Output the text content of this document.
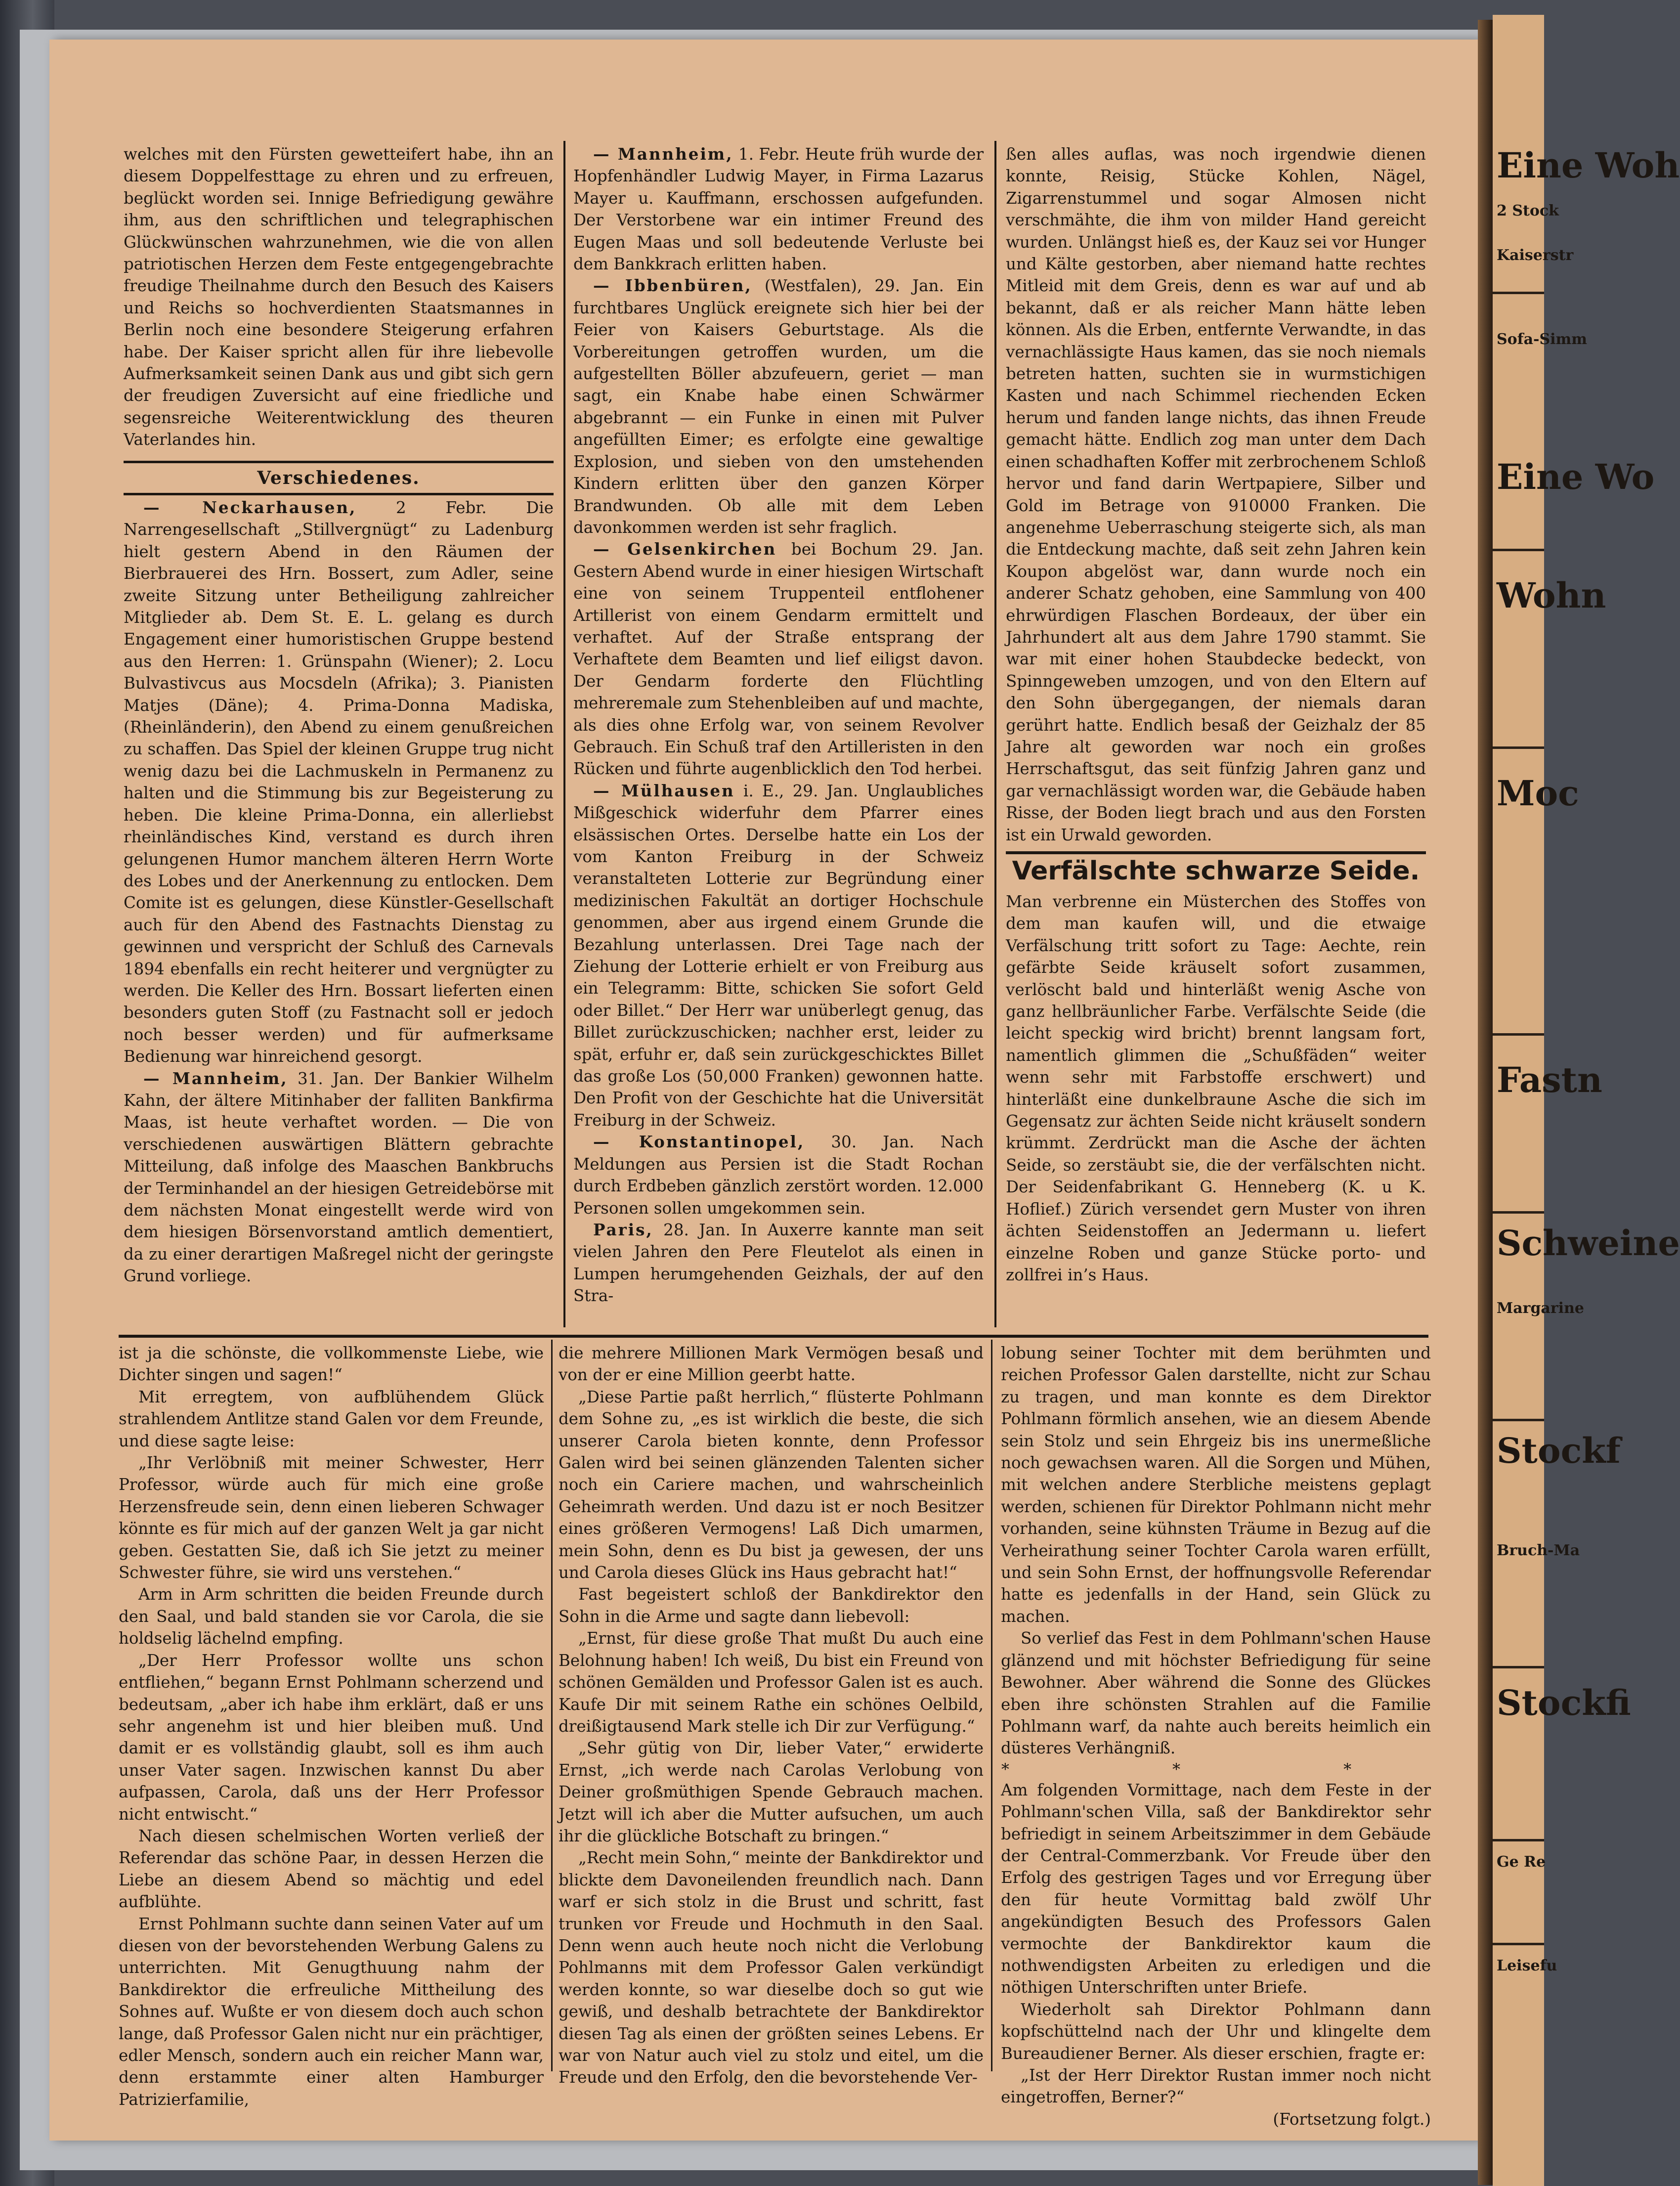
welches mit den Fürsten gewetteifert habe, ihn an diesem Doppelfesttage zu ehren und zu erfreuen, beglückt worden sei. Innige Befriedigung gewähre ihm, aus den schriftlichen und telegraphischen Glückwünschen wahrzunehmen, wie die von allen patriotischen Herzen dem Feste entgegengebrachte freudige Theilnahme durch den Besuch des Kaisers und Reichs so hochverdienten Staatsmannes in Berlin noch eine besondere Steigerung erfahren habe. Der Kaiser spricht allen für ihre liebevolle Aufmerksamkeit seinen Dank aus und gibt sich gern der freudigen Zuversicht auf eine friedliche und segensreiche Weiterentwicklung des theuren Vaterlandes hin.

Verschiedenes.

— Neckarhausen, 2 Febr. Die Narrengesellschaft „Stillvergnügt“ zu Ladenburg hielt gestern Abend in den Räumen der Bierbrauerei des Hrn. Bossert, zum Adler, seine zweite Sitzung unter Betheiligung zahlreicher Mitglieder ab. Dem St. E. L. gelang es durch Engagement einer humoristischen Gruppe bestend aus den Herren: 1. Grünspahn (Wiener); 2. Locu Bulvastivcus aus Mocsdeln (Afrika); 3. Pianisten Matjes (Däne); 4. Prima-Donna Madiska, (Rheinländerin), den Abend zu einem genußreichen zu schaffen. Das Spiel der kleinen Gruppe trug nicht wenig dazu bei die Lachmuskeln in Permanenz zu halten und die Stimmung bis zur Begeisterung zu heben. Die kleine Prima-Donna, ein allerliebst rheinländisches Kind, verstand es durch ihren gelungenen Humor manchem älteren Herrn Worte des Lobes und der Anerkennung zu entlocken. Dem Comite ist es gelungen, diese Künstler-Gesellschaft auch für den Abend des Fastnachts Dienstag zu gewinnen und verspricht der Schluß des Carnevals 1894 ebenfalls ein recht heiterer und vergnügter zu werden. Die Keller des Hrn. Bossart lieferten einen besonders guten Stoff (zu Fastnacht soll er jedoch noch besser werden) und für aufmerksame Bedienung war hinreichend gesorgt.

— Mannheim, 31. Jan. Der Bankier Wilhelm Kahn, der ältere Mitinhaber der falliten Bankfirma Maas, ist heute verhaftet worden. — Die von verschiedenen auswärtigen Blättern gebrachte Mitteilung, daß infolge des Maaschen Bankbruchs der Terminhandel an der hiesigen Getreidebörse mit dem nächsten Monat eingestellt werde wird von dem hiesigen Börsenvorstand amtlich dementiert, da zu einer derartigen Maßregel nicht der geringste Grund vorliege.

— Mannheim, 1. Febr. Heute früh wurde der Hopfenhändler Ludwig Mayer, in Firma Lazarus Mayer u. Kauffmann, erschossen aufgefunden. Der Verstorbene war ein intimer Freund des Eugen Maas und soll bedeutende Verluste bei dem Bankkrach erlitten haben.

— Ibbenbüren, (Westfalen), 29. Jan. Ein furchtbares Unglück ereignete sich hier bei der Feier von Kaisers Geburtstage. Als die Vorbereitungen getroffen wurden, um die aufgestellten Böller abzufeuern, geriet — man sagt, ein Knabe habe einen Schwärmer abgebrannt — ein Funke in einen mit Pulver angefüllten Eimer; es erfolgte eine gewaltige Explosion, und sieben von den umstehenden Kindern erlitten über den ganzen Körper Brandwunden. Ob alle mit dem Leben davonkommen werden ist sehr fraglich.

— Gelsenkirchen bei Bochum 29. Jan. Gestern Abend wurde in einer hiesigen Wirtschaft eine von seinem Truppenteil entflohener Artillerist von einem Gendarm ermittelt und verhaftet. Auf der Straße entsprang der Verhaftete dem Beamten und lief eiligst davon. Der Gendarm forderte den Flüchtling mehreremale zum Stehenbleiben auf und machte, als dies ohne Erfolg war, von seinem Revolver Gebrauch. Ein Schuß traf den Artilleristen in den Rücken und führte augenblicklich den Tod herbei.

— Mülhausen i. E., 29. Jan. Unglaubliches Mißgeschick widerfuhr dem Pfarrer eines elsässischen Ortes. Derselbe hatte ein Los der vom Kanton Freiburg in der Schweiz veranstalteten Lotterie zur Begründung einer medizinischen Fakultät an dortiger Hochschule genommen, aber aus irgend einem Grunde die Bezahlung unterlassen. Drei Tage nach der Ziehung der Lotterie erhielt er von Freiburg aus ein Telegramm: Bitte, schicken Sie sofort Geld oder Billet.“ Der Herr war unüberlegt genug, das Billet zurückzuschicken; nachher erst, leider zu spät, erfuhr er, daß sein zurückgeschicktes Billet das große Los (50,000 Franken) gewonnen hatte. Den Profit von der Geschichte hat die Universität Freiburg in der Schweiz.

— Konstantinopel, 30. Jan. Nach Meldungen aus Persien ist die Stadt Rochan durch Erdbeben gänzlich zerstört worden. 12.000 Personen sollen umgekommen sein.

Paris, 28. Jan. In Auxerre kannte man seit vielen Jahren den Pere Fleutelot als einen in Lumpen herumgehenden Geizhals, der auf den Stra-

ßen alles auflas, was noch irgendwie dienen konnte, Reisig, Stücke Kohlen, Nägel, Zigarrenstummel und sogar Almosen nicht verschmähte, die ihm von milder Hand gereicht wurden. Unlängst hieß es, der Kauz sei vor Hunger und Kälte gestorben, aber niemand hatte rechtes Mitleid mit dem Greis, denn es war auf und ab bekannt, daß er als reicher Mann hätte leben können. Als die Erben, entfernte Verwandte, in das vernachlässigte Haus kamen, das sie noch niemals betreten hatten, suchten sie in wurmstichigen Kasten und nach Schimmel riechenden Ecken herum und fanden lange nichts, das ihnen Freude gemacht hätte. Endlich zog man unter dem Dach einen schadhaften Koffer mit zerbrochenem Schloß hervor und fand darin Wertpapiere, Silber und Gold im Betrage von 910000 Franken. Die angenehme Ueberraschung steigerte sich, als man die Entdeckung machte, daß seit zehn Jahren kein Koupon abgelöst war, dann wurde noch ein anderer Schatz gehoben, eine Sammlung von 400 ehrwürdigen Flaschen Bordeaux, der über ein Jahrhundert alt aus dem Jahre 1790 stammt. Sie war mit einer hohen Staubdecke bedeckt, von Spinngeweben umzogen, und von den Eltern auf den Sohn übergegangen, der niemals daran gerührt hatte. Endlich besaß der Geizhalz der 85 Jahre alt geworden war noch ein großes Herrschaftsgut, das seit fünfzig Jahren ganz und gar vernachlässigt worden war, die Gebäude haben Risse, der Boden liegt brach und aus den Forsten ist ein Urwald geworden.

Verfälschte schwarze Seide.
Man verbrenne ein Müsterchen des Stoffes von dem man kaufen will, und die etwaige Verfälschung tritt sofort zu Tage: Aechte, rein gefärbte Seide kräuselt sofort zusammen, verlöscht bald und hinterläßt wenig Asche von ganz hellbräunlicher Farbe. Verfälschte Seide (die leicht speckig wird bricht) brennt langsam fort, namentlich glimmen die „Schußfäden“ weiter wenn sehr mit Farbstoffe erschwert) und hinterläßt eine dunkelbraune Asche die sich im Gegensatz zur ächten Seide nicht kräuselt sondern krümmt. Zerdrückt man die Asche der ächten Seide, so zerstäubt sie, die der verfälschten nicht. Der Seidenfabrikant G. Henneberg (K. u K. Hoflief.) Zürich versendet gern Muster von ihren ächten Seidenstoffen an Jedermann u. liefert einzelne Roben und ganze Stücke porto- und zollfrei in’s Haus.

ist ja die schönste, die vollkommenste Liebe, wie Dichter singen und sagen!“

Mit erregtem, von aufblühendem Glück strahlendem Antlitze stand Galen vor dem Freunde, und diese sagte leise:

„Ihr Verlöbniß mit meiner Schwester, Herr Professor, würde auch für mich eine große Herzensfreude sein, denn einen lieberen Schwager könnte es für mich auf der ganzen Welt ja gar nicht geben. Gestatten Sie, daß ich Sie jetzt zu meiner Schwester führe, sie wird uns verstehen.“

Arm in Arm schritten die beiden Freunde durch den Saal, und bald standen sie vor Carola, die sie holdselig lächelnd empfing.

„Der Herr Professor wollte uns schon entfliehen,“ begann Ernst Pohlmann scherzend und bedeutsam, „aber ich habe ihm erklärt, daß er uns sehr angenehm ist und hier bleiben muß. Und damit er es vollständig glaubt, soll es ihm auch unser Vater sagen. Inzwischen kannst Du aber aufpassen, Carola, daß uns der Herr Professor nicht entwischt.“

Nach diesen schelmischen Worten verließ der Referendar das schöne Paar, in dessen Herzen die Liebe an diesem Abend so mächtig und edel aufblühte.

Ernst Pohlmann suchte dann seinen Vater auf um diesen von der bevorstehenden Werbung Galens zu unterrichten. Mit Genugthuung nahm der Bankdirektor die erfreuliche Mittheilung des Sohnes auf. Wußte er von diesem doch auch schon lange, daß Professor Galen nicht nur ein prächtiger, edler Mensch, sondern auch ein reicher Mann war, denn erstammte einer alten Hamburger Patrizierfamilie,

die mehrere Millionen Mark Vermögen besaß und von der er eine Million geerbt hatte.

„Diese Partie paßt herrlich,“ flüsterte Pohlmann dem Sohne zu, „es ist wirklich die beste, die sich unserer Carola bieten konnte, denn Professor Galen wird bei seinen glänzenden Talenten sicher noch ein Cariere machen, und wahrscheinlich Geheimrath werden. Und dazu ist er noch Besitzer eines größeren Vermogens! Laß Dich umarmen, mein Sohn, denn es Du bist ja gewesen, der uns und Carola dieses Glück ins Haus gebracht hat!“

Fast begeistert schloß der Bankdirektor den Sohn in die Arme und sagte dann liebevoll:

„Ernst, für diese große That mußt Du auch eine Belohnung haben! Ich weiß, Du bist ein Freund von schönen Gemälden und Professor Galen ist es auch. Kaufe Dir mit seinem Rathe ein schönes Oelbild, dreißigtausend Mark stelle ich Dir zur Verfügung.“

„Sehr gütig von Dir, lieber Vater,“ erwiderte Ernst, „ich werde nach Carolas Verlobung von Deiner großmüthigen Spende Gebrauch machen. Jetzt will ich aber die Mutter aufsuchen, um auch ihr die glückliche Botschaft zu bringen.“

„Recht mein Sohn,“ meinte der Bankdirektor und blickte dem Davoneilenden freundlich nach. Dann warf er sich stolz in die Brust und schritt, fast trunken vor Freude und Hochmuth in den Saal. Denn wenn auch heute noch nicht die Verlobung Pohlmanns mit dem Professor Galen verkündigt werden konnte, so war dieselbe doch so gut wie gewiß, und deshalb betrachtete der Bankdirektor diesen Tag als einen der größten seines Lebens. Er war von Natur auch viel zu stolz und eitel, um die Freude und den Erfolg, den die bevorstehende Ver-

lobung seiner Tochter mit dem berühmten und reichen Professor Galen darstellte, nicht zur Schau zu tragen, und man konnte es dem Direktor Pohlmann förmlich ansehen, wie an diesem Abende sein Stolz und sein Ehrgeiz bis ins unermeßliche noch gewachsen waren. All die Sorgen und Mühen, mit welchen andere Sterbliche meistens geplagt werden, schienen für Direktor Pohlmann nicht mehr vorhanden, seine kühnsten Träume in Bezug auf die Verheirathung seiner Tochter Carola waren erfüllt, und sein Sohn Ernst, der hoffnungsvolle Referendar hatte es jedenfalls in der Hand, sein Glück zu machen.

So verlief das Fest in dem Pohlmann'schen Hause glänzend und mit höchster Befriedigung für seine Bewohner. Aber während die Sonne des Glückes eben ihre schönsten Strahlen auf die Familie Pohlmann warf, da nahte auch bereits heimlich ein düsteres Verhängniß.

* * *

Am folgenden Vormittage, nach dem Feste in der Pohlmann'schen Villa, saß der Bankdirektor sehr befriedigt in seinem Arbeitszimmer in dem Gebäude der Central-Commerzbank. Vor Freude über den Erfolg des gestrigen Tages und vor Erregung über den für heute Vormittag bald zwölf Uhr angekündigten Besuch des Professors Galen vermochte der Bankdirektor kaum die nothwendigsten Arbeiten zu erledigen und die nöthigen Unterschriften unter Briefe.

Wiederholt sah Direktor Pohlmann dann kopfschüttelnd nach der Uhr und klingelte dem Bureaudiener Berner. Als dieser erschien, fragte er:

„Ist der Herr Direktor Rustan immer noch nicht eingetroffen, Berner?“

(Fortsetzung folgt.)

Eine Woh
2 Stock
Kaiserstr
Sofa-Simm
Eine Wo
Wohn
Moc
Fastn
Schweine
Margarine
Stockf
Bruch-Ma
Stockfi
Ge Re
Leisefu
